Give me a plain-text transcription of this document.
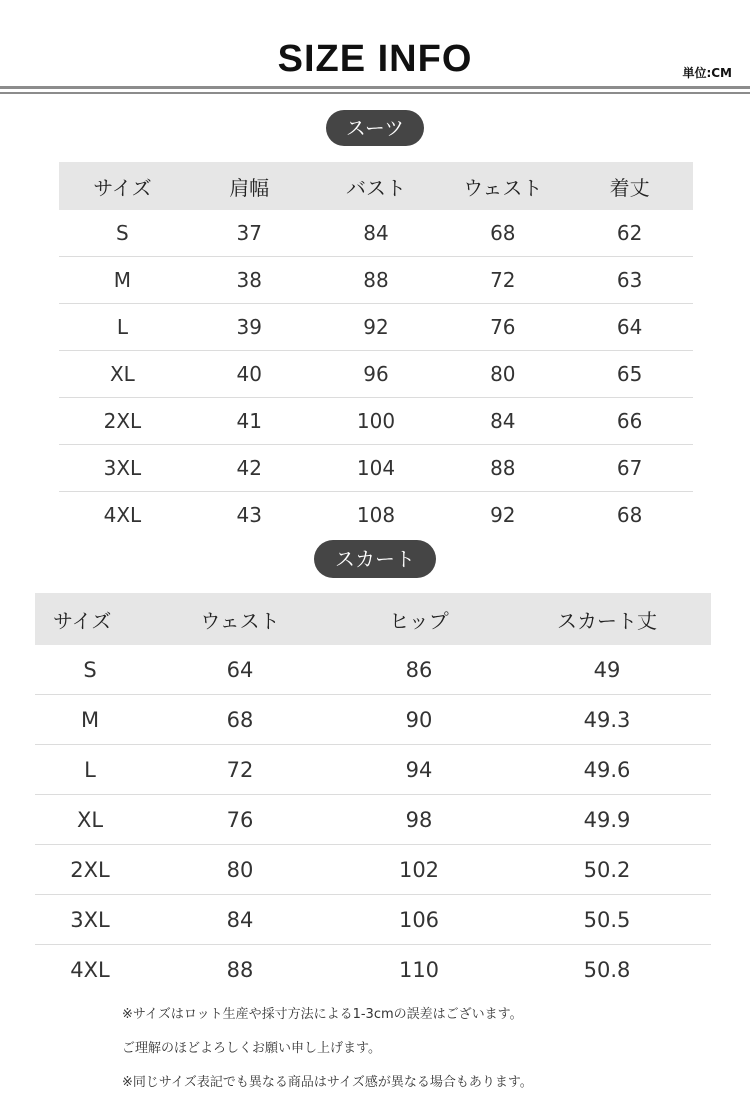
SIZE INFO	単位:CM
スーツ
サイズ	肩幅	バスト	ウェスト	着丈
S	37	84	68	62
M	38	88	72	63
L	39	92	76	64
XL	40	96	80	65
2XL	41	100	84	66
3XL	42	104	88	67
4XL	43	108	92	68
スカート
サイズ	ウェスト	ヒップ	スカート丈
S	64	86	49
M	68	90	49.3
L	72	94	49.6
XL	76	98	49.9
2XL	80	102	50.2
3XL	84	106	50.5
4XL	88	110	50.8
※サイズはロット生産や採寸方法による1-3cmの誤差はございます。
ご理解のほどよろしくお願い申し上げます。
※同じサイズ表記でも異なる商品はサイズ感が異なる場合もあります。
